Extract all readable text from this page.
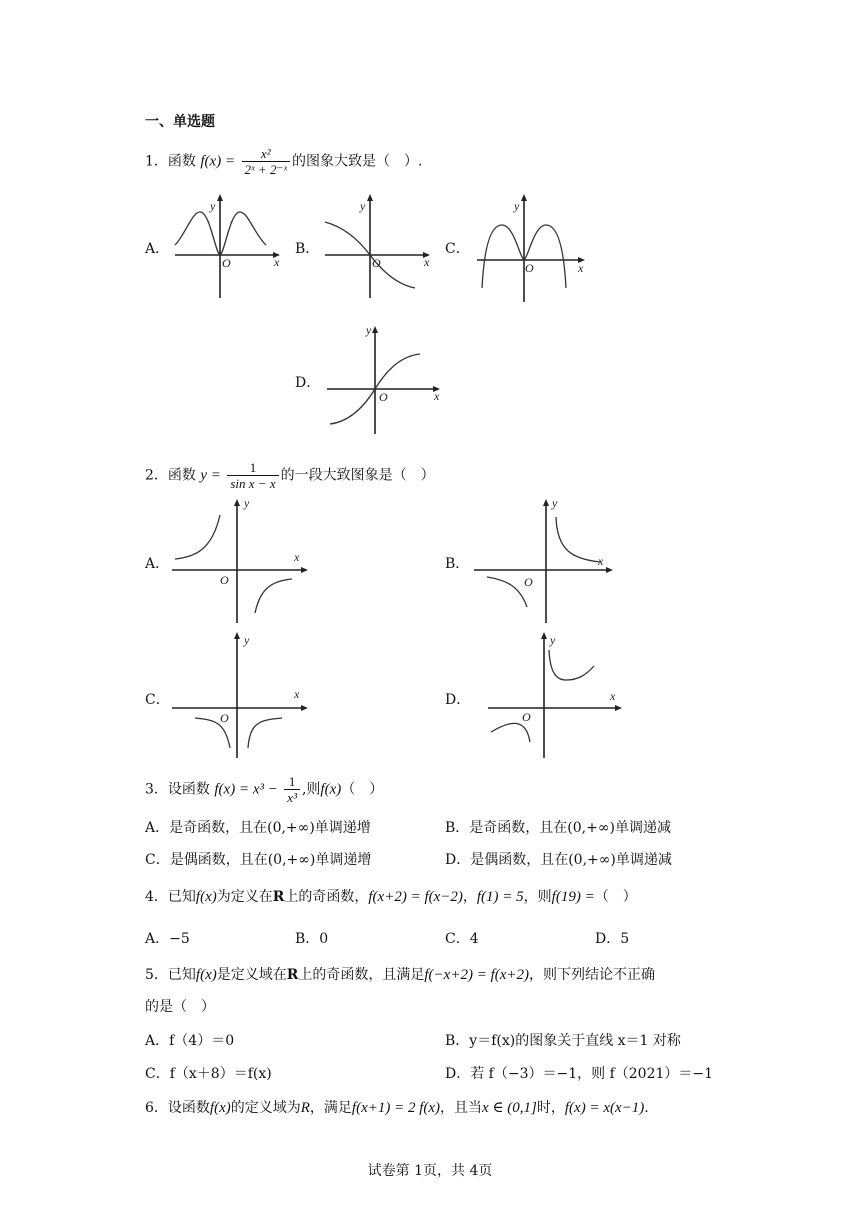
一、单选题
1．函数 $f(x) = \frac{\text{x²}}{\text{2ˣ + 2⁻ˣ}}$ 的图象大致是（　）.
A．	B．	C．
D．
y
x
O
y
x
O
y
x
O
y
x
O
2．函数 $y = \frac{1}{\text{sin x − x}}$ 的一段大致图象是（　）
A．	B．
C．	D．
y
x
O
y
x
O
y
x
O
y
x
O
3．设函数 $f(x) = x^3 - \frac{1}{\text{x³}}$ ,则f(x)（　）
A．是奇函数，且在(0,+∞)单调递增	B．是奇函数，且在(0,+∞)单调递减
C．是偶函数，且在(0,+∞)单调递增	D．是偶函数，且在(0,+∞)单调递减
4．已知f(x)为定义在R上的奇函数，f(x+2) = f(x−2)，f(1) = 5，则f(19) =（　）
A．−5	B．0	C．4	D．5
5．已知f(x)是定义域在R上的奇函数，且满足f(−x+2) = f(x+2)，则下列结论不正确
的是（　）
A．f（4）＝0	B．y＝f(x)的图象关于直线 x＝1 对称
C．f（x＋8）＝f(x)	D．若 f（−3）＝−1，则 f（2021）＝−1
6．设函数f(x)的定义域为R，满足f(x+1) = 2 f(x)，且当x ∈ (0,1]时，f(x) = x(x−1).
试卷第 1页，共 4页
